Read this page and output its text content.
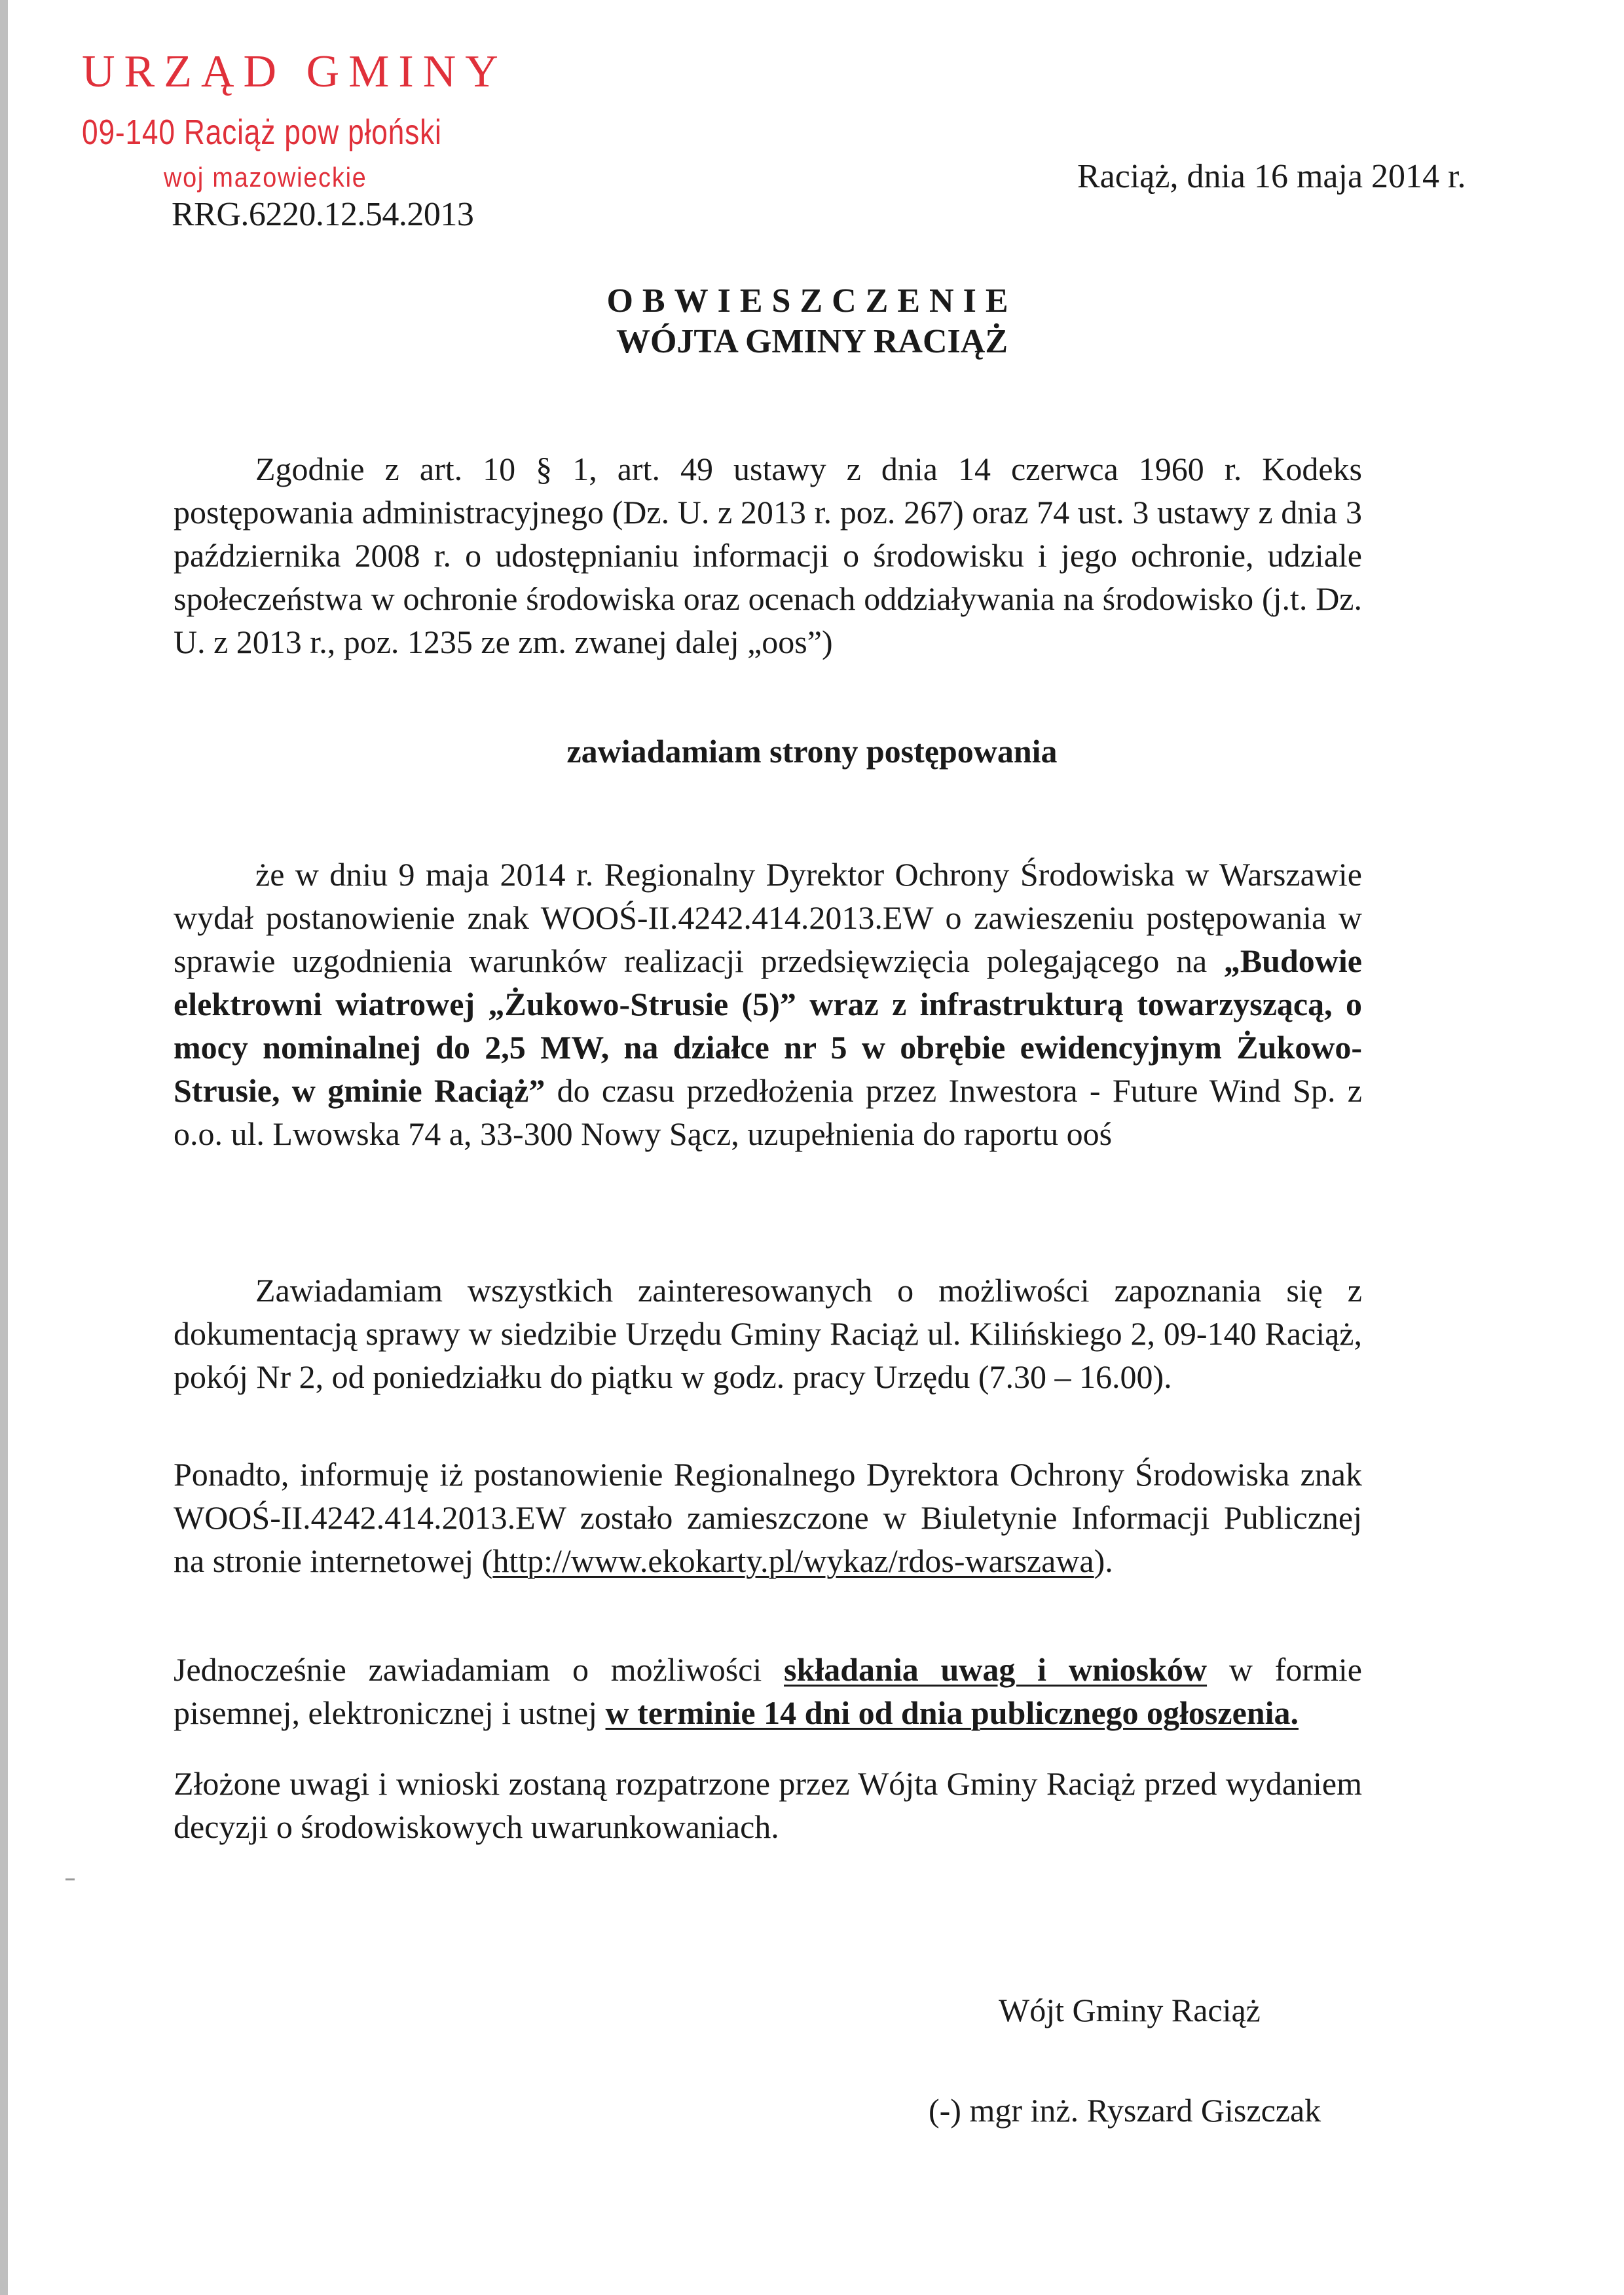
URZĄD GMINY
09-140 Raciąż pow płoński
woj mazowieckie
RRG.6220.12.54.2013
Raciąż, dnia 16 maja 2014 r.
OBWIESZCZENIE
WÓJTA GMINY RACIĄŻ
Zgodnie z art. 10 § 1, art. 49 ustawy z dnia 14 czerwca 1960 r. Kodeks postępowania administracyjnego (Dz. U. z 2013 r. poz. 267) oraz 74 ust. 3 ustawy z dnia 3 października 2008 r. o udostępnianiu informacji o środowisku i jego ochronie, udziale społeczeństwa w ochronie środowiska oraz ocenach oddziaływania na środowisko (j.t. Dz. U. z 2013 r., poz. 1235 ze zm. zwanej dalej „oos”)
zawiadamiam strony postępowania
że w dniu 9 maja 2014 r. Regionalny Dyrektor Ochrony Środowiska w Warszawie wydał postanowienie znak WOOŚ-II.4242.414.2013.EW o zawieszeniu postępowania w sprawie uzgodnienia warunków realizacji przedsięwzięcia polegającego na „Budowie elektrowni wiatrowej „Żukowo-Strusie (5)” wraz z infrastrukturą towarzyszącą, o mocy nominalnej do 2,5 MW, na działce nr 5 w obrębie ewidencyjnym Żukowo-Strusie, w gminie Raciąż” do czasu przedłożenia przez Inwestora - Future Wind Sp. z o.o. ul. Lwowska 74 a, 33-300 Nowy Sącz, uzupełnienia do raportu ooś
Zawiadamiam wszystkich zainteresowanych o możliwości zapoznania się z dokumentacją sprawy w siedzibie Urzędu Gminy Raciąż ul. Kilińskiego 2, 09-140 Raciąż, pokój Nr 2, od poniedziałku do piątku w godz. pracy Urzędu (7.30 – 16.00).
Ponadto, informuję iż postanowienie Regionalnego Dyrektora Ochrony Środowiska znak WOOŚ-II.4242.414.2013.EW zostało zamieszczone w Biuletynie Informacji Publicznej na stronie internetowej (http://www.ekokarty.pl/wykaz/rdos-warszawa).
Jednocześnie zawiadamiam o możliwości składania uwag i wniosków w formie pisemnej, elektronicznej i ustnej w terminie 14 dni od dnia publicznego ogłoszenia.
Złożone uwagi i wnioski zostaną rozpatrzone przez Wójta Gminy Raciąż przed wydaniem decyzji o środowiskowych uwarunkowaniach.
Wójt Gminy Raciąż
(-) mgr inż. Ryszard Giszczak
